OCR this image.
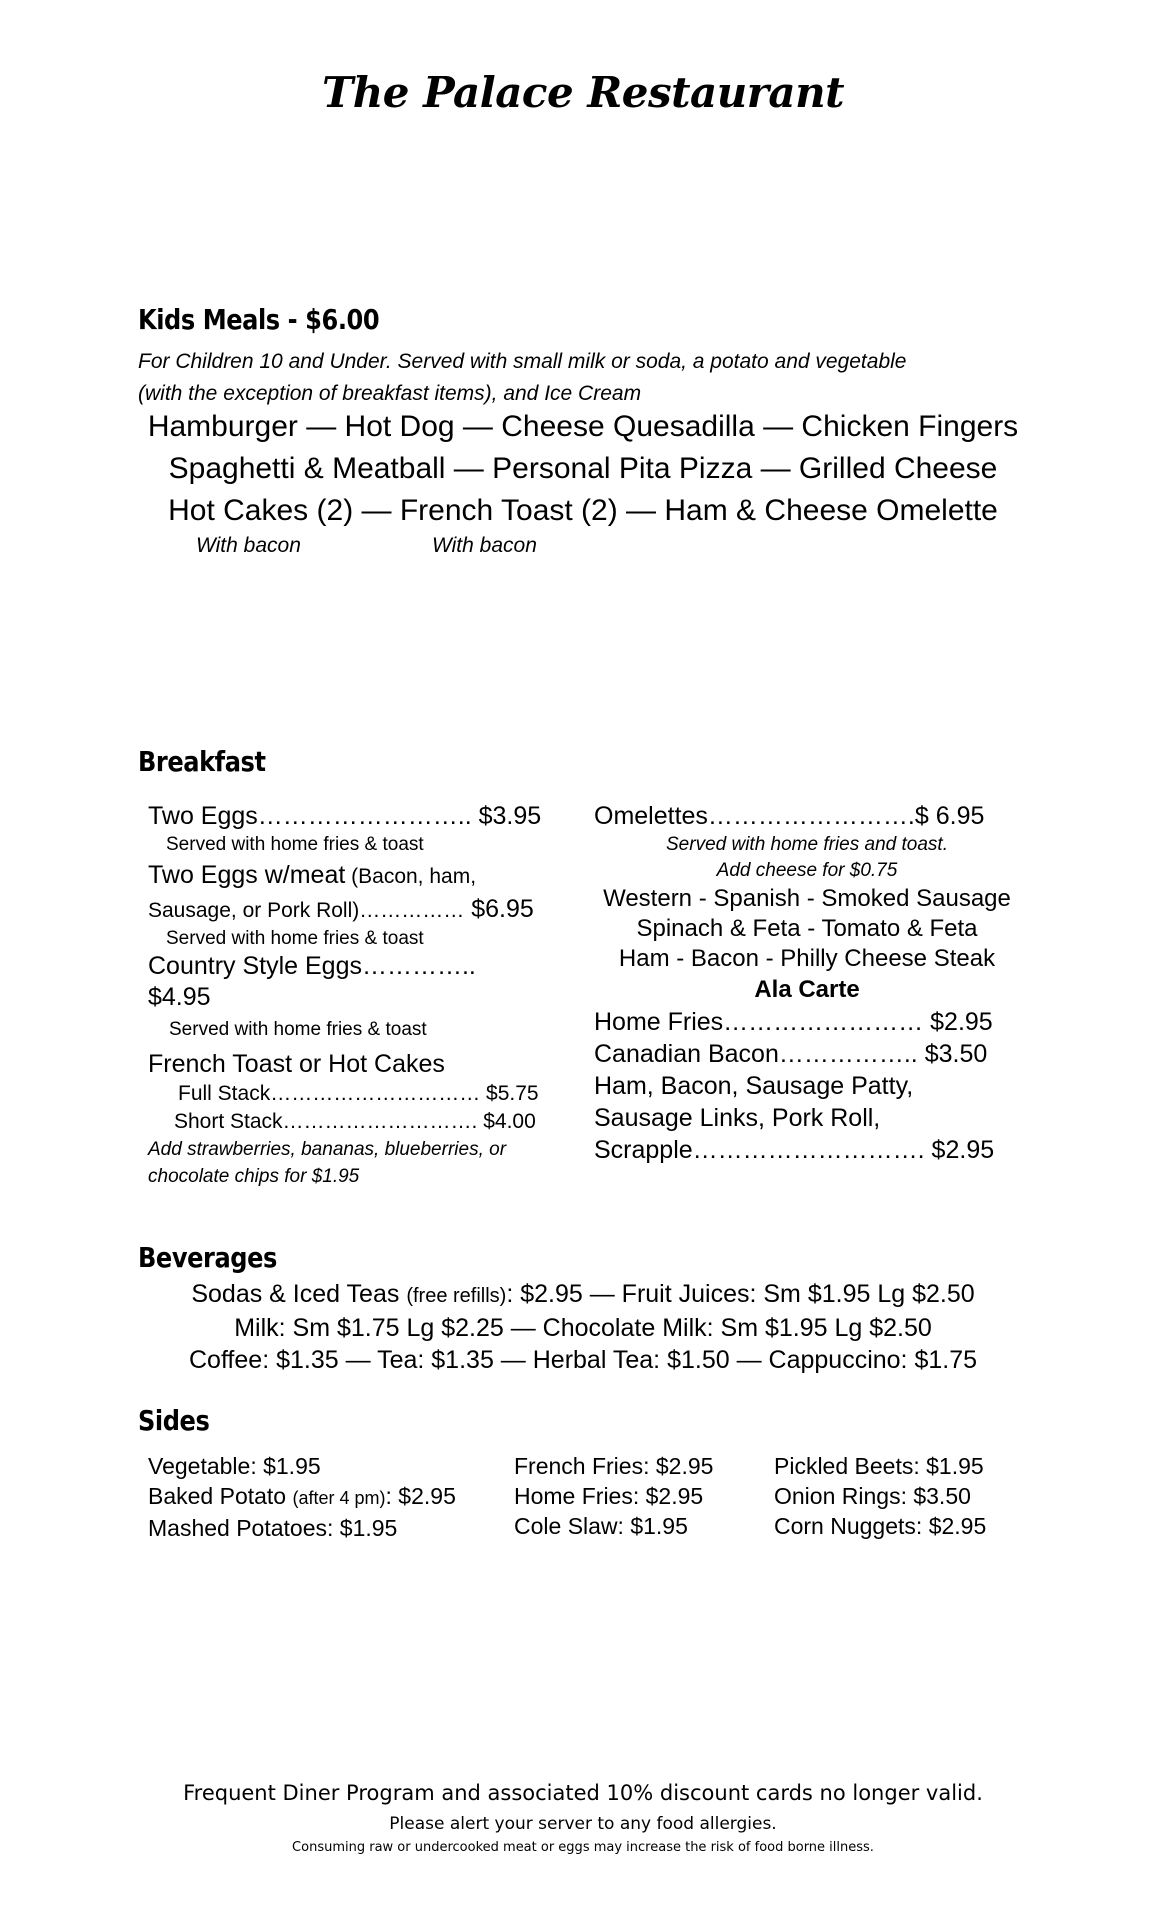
The Palace Restaurant
Kids Meals - $6.00
For Children 10 and Under. Served with small milk or soda, a potato and vegetable
(with the exception of breakfast items), and Ice Cream
Hamburger — Hot Dog — Cheese Quesadilla — Chicken Fingers
Spaghetti & Meatball — Personal Pita Pizza — Grilled Cheese
Hot Cakes (2) — French Toast (2) — Ham & Cheese Omelette
With bacon	With bacon
Breakfast
Two Eggs…………………….. $3.95
Served with home fries & toast
Two Eggs w/meat (Bacon, ham,
Sausage, or Pork Roll)…………… $6.95
Served with home fries & toast
Country Style Eggs…………..
$4.95
Served with home fries & toast
French Toast or Hot Cakes
Full Stack………………………… $5.75
Short Stack………………………. $4.00
Add strawberries, bananas, blueberries, or
chocolate chips for $1.95
Omelettes…………………….$ 6.95
Served with home fries and toast.
Add cheese for $0.75
Western - Spanish - Smoked Sausage
Spinach & Feta - Tomato & Feta
Ham - Bacon - Philly Cheese Steak
Ala Carte
Home Fries…………………… $2.95
Canadian Bacon…………….. $3.50
Ham, Bacon, Sausage Patty,
Sausage Links, Pork Roll,
Scrapple………………………. $2.95
Beverages
Sodas & Iced Teas (free refills): $2.95 — Fruit Juices: Sm $1.95 Lg $2.50
Milk: Sm $1.75 Lg $2.25 — Chocolate Milk: Sm $1.95 Lg $2.50
Coffee: $1.35 — Tea: $1.35 — Herbal Tea: $1.50 — Cappuccino: $1.75
Sides
Vegetable: $1.95
Baked Potato (after 4 pm): $2.95
Mashed Potatoes: $1.95
French Fries: $2.95
Home Fries: $2.95
Cole Slaw: $1.95
Pickled Beets: $1.95
Onion Rings: $3.50
Corn Nuggets: $2.95
Frequent Diner Program and associated 10% discount cards no longer valid.
Please alert your server to any food allergies.
Consuming raw or undercooked meat or eggs may increase the risk of food borne illness.
